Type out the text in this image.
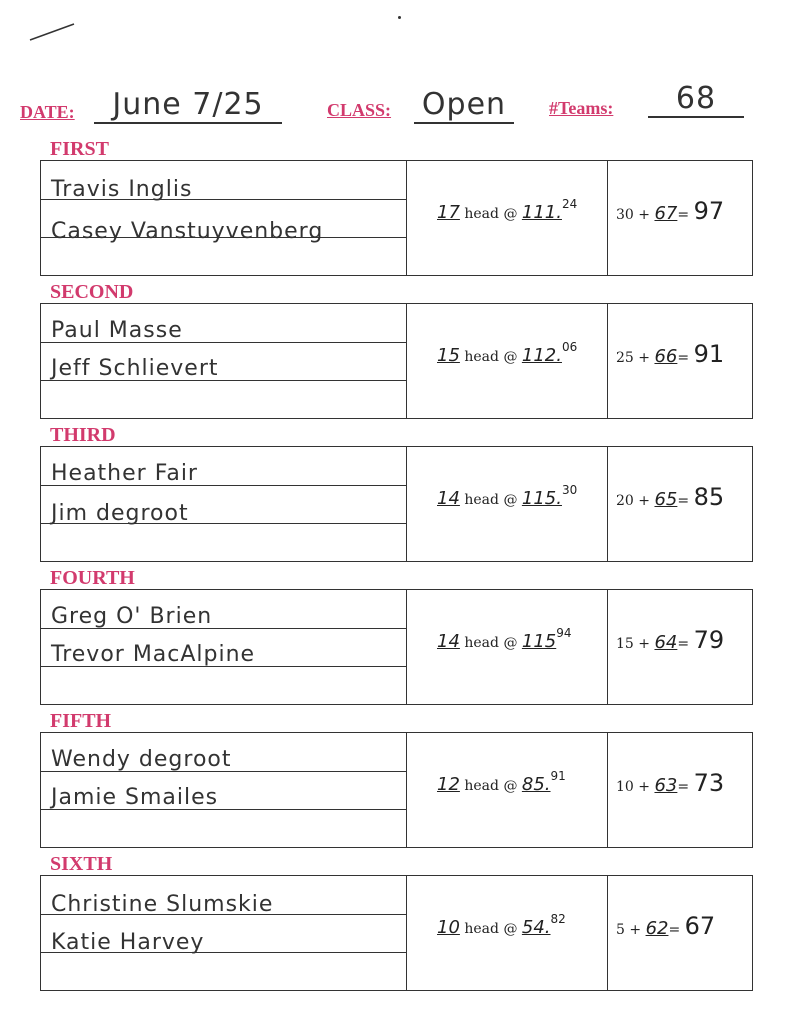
DATE:	June 7/25	CLASS: Open	#Teams:	68
FIRST
Travis Inglis
Casey Vanstuyvenberg
17 head @ 111.24
30 + 67= 97
SECOND
Paul Masse
Jeff Schlievert
15 head @ 112.06
25 + 66= 91
THIRD
Heather Fair
Jim degroot
14 head @ 115.30
20 + 65= 85
FOURTH
Greg O' Brien
Trevor MacAlpine
14 head @ 11594
15 + 64= 79
FIFTH
Wendy degroot
Jamie Smailes
12 head @ 85.91
10 + 63= 73
SIXTH
Christine Slumskie
Katie Harvey
10 head @ 54.82
5 + 62= 67
